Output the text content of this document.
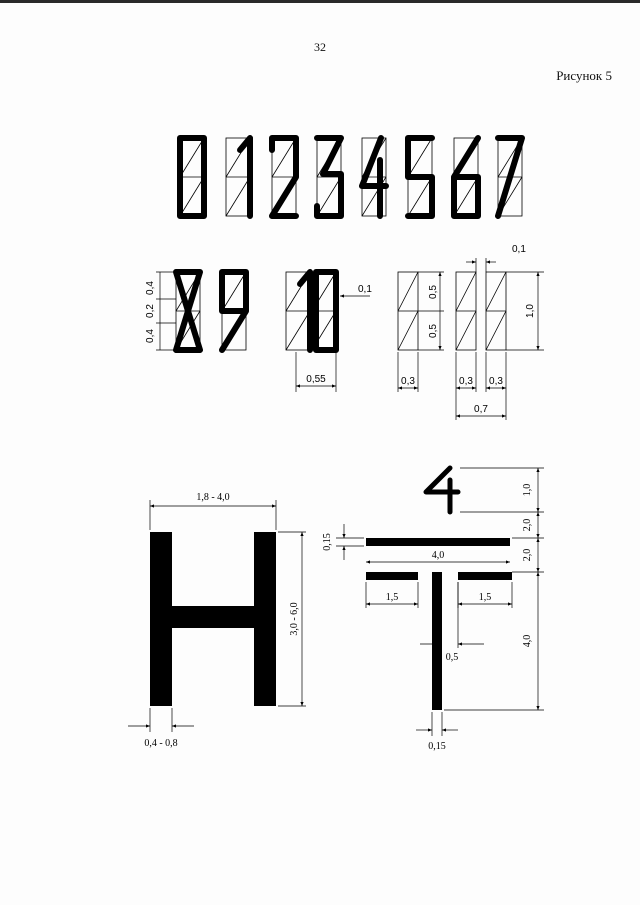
32
Рисунок 5
0,4
0,2
0,4
0,1
0,55
0,5
0,5
0,3
0,1
1,0
0,3 0,3
0,7
1,8 - 4,0
3,0 - 6,0
0,4 - 0,8
1,0
2,0
2,0
0,15
4,0
1,5	1,5
4,0
0,5
0,15
